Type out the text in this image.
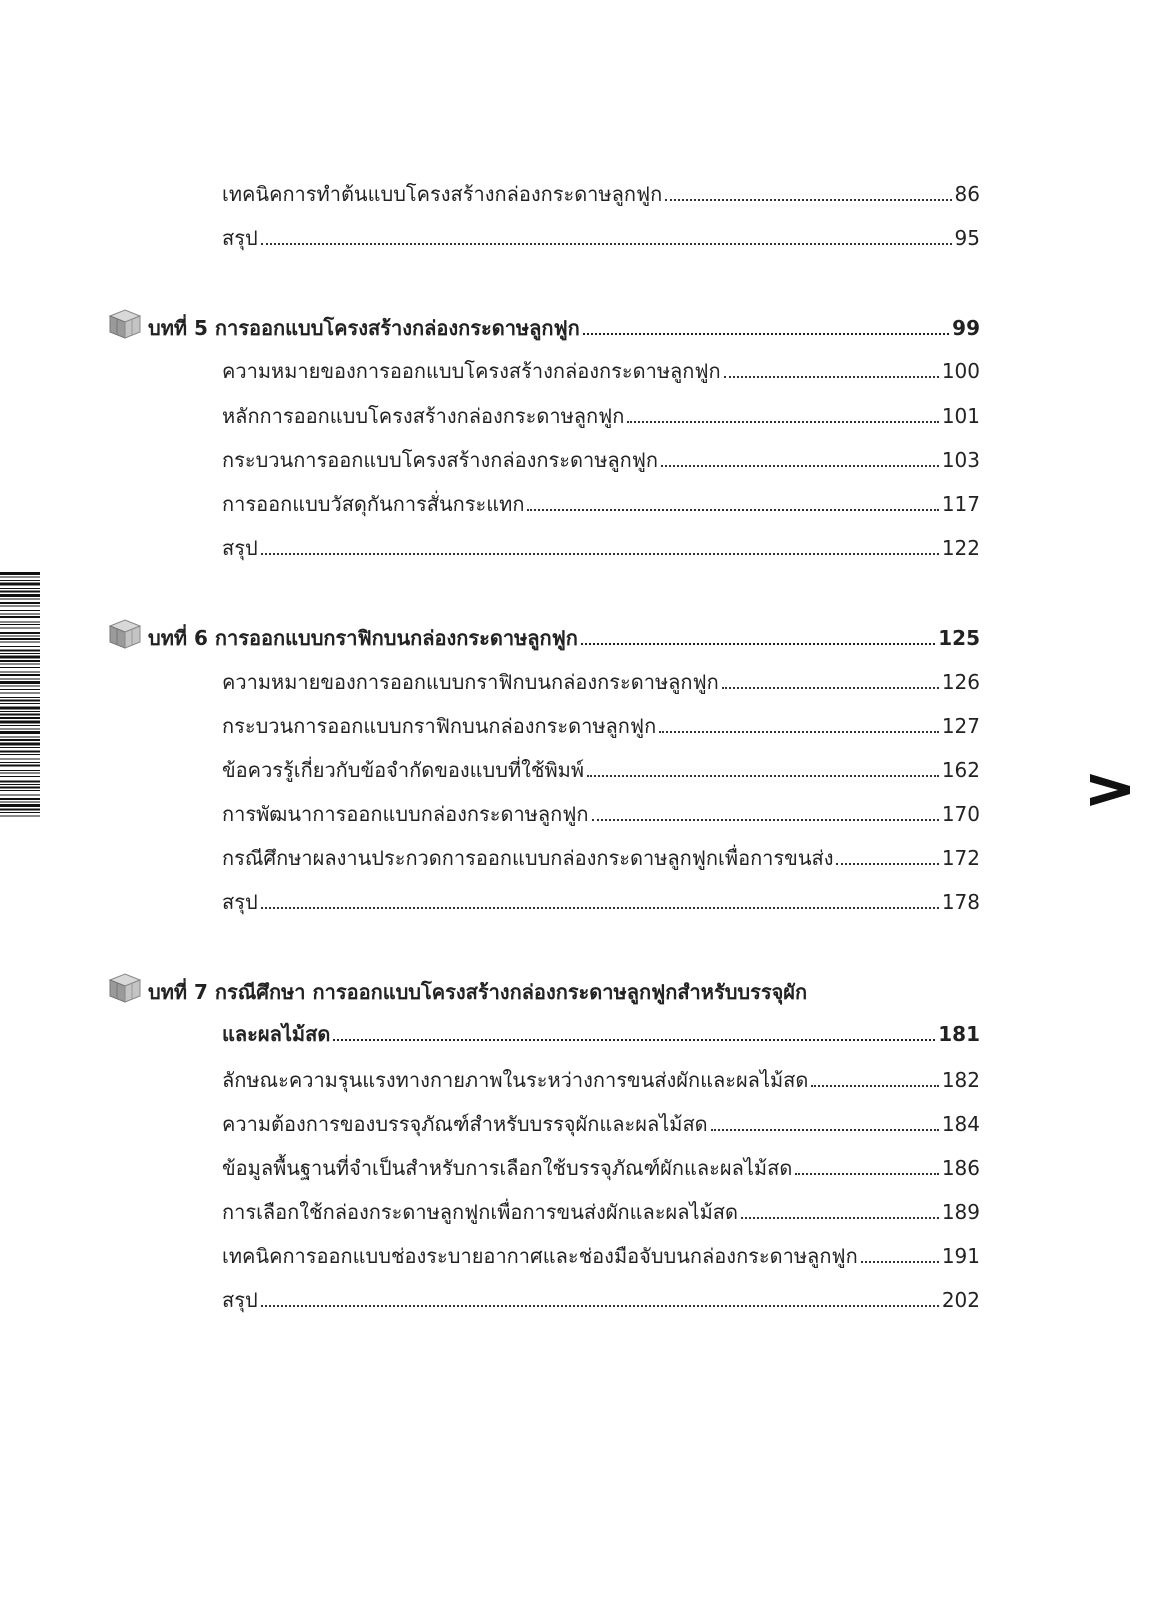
เทคนิคการทำต้นแบบโครงสร้างกล่องกระดาษลูกฟูก	86
สรุป	95
บทที่ 5 การออกแบบโครงสร้างกล่องกระดาษลูกฟูก	99
ความหมายของการออกแบบโครงสร้างกล่องกระดาษลูกฟูก	100
หลักการออกแบบโครงสร้างกล่องกระดาษลูกฟูก	101
กระบวนการออกแบบโครงสร้างกล่องกระดาษลูกฟูก	103
การออกแบบวัสดุกันการสั่นกระแทก	117
สรุป	122
บทที่ 6 การออกแบบกราฟิกบนกล่องกระดาษลูกฟูก	125
ความหมายของการออกแบบกราฟิกบนกล่องกระดาษลูกฟูก	126
กระบวนการออกแบบกราฟิกบนกล่องกระดาษลูกฟูก	127
ข้อควรรู้เกี่ยวกับข้อจำกัดของแบบที่ใช้พิมพ์	162
การพัฒนาการออกแบบกล่องกระดาษลูกฟูก	170
กรณีศึกษาผลงานประกวดการออกแบบกล่องกระดาษลูกฟูกเพื่อการขนส่ง	172
สรุป	178
บทที่ 7 กรณีศึกษา การออกแบบโครงสร้างกล่องกระดาษลูกฟูกสำหรับบรรจุผัก
และผลไม้สด	181
ลักษณะความรุนแรงทางกายภาพในระหว่างการขนส่งผักและผลไม้สด	182
ความต้องการของบรรจุภัณฑ์สำหรับบรรจุผักและผลไม้สด	184
ข้อมูลพื้นฐานที่จำเป็นสำหรับการเลือกใช้บรรจุภัณฑ์ผักและผลไม้สด	186
การเลือกใช้กล่องกระดาษลูกฟูกเพื่อการขนส่งผักและผลไม้สด	189
เทคนิคการออกแบบช่องระบายอากาศและช่องมือจับบนกล่องกระดาษลูกฟูก	191
สรุป	202
